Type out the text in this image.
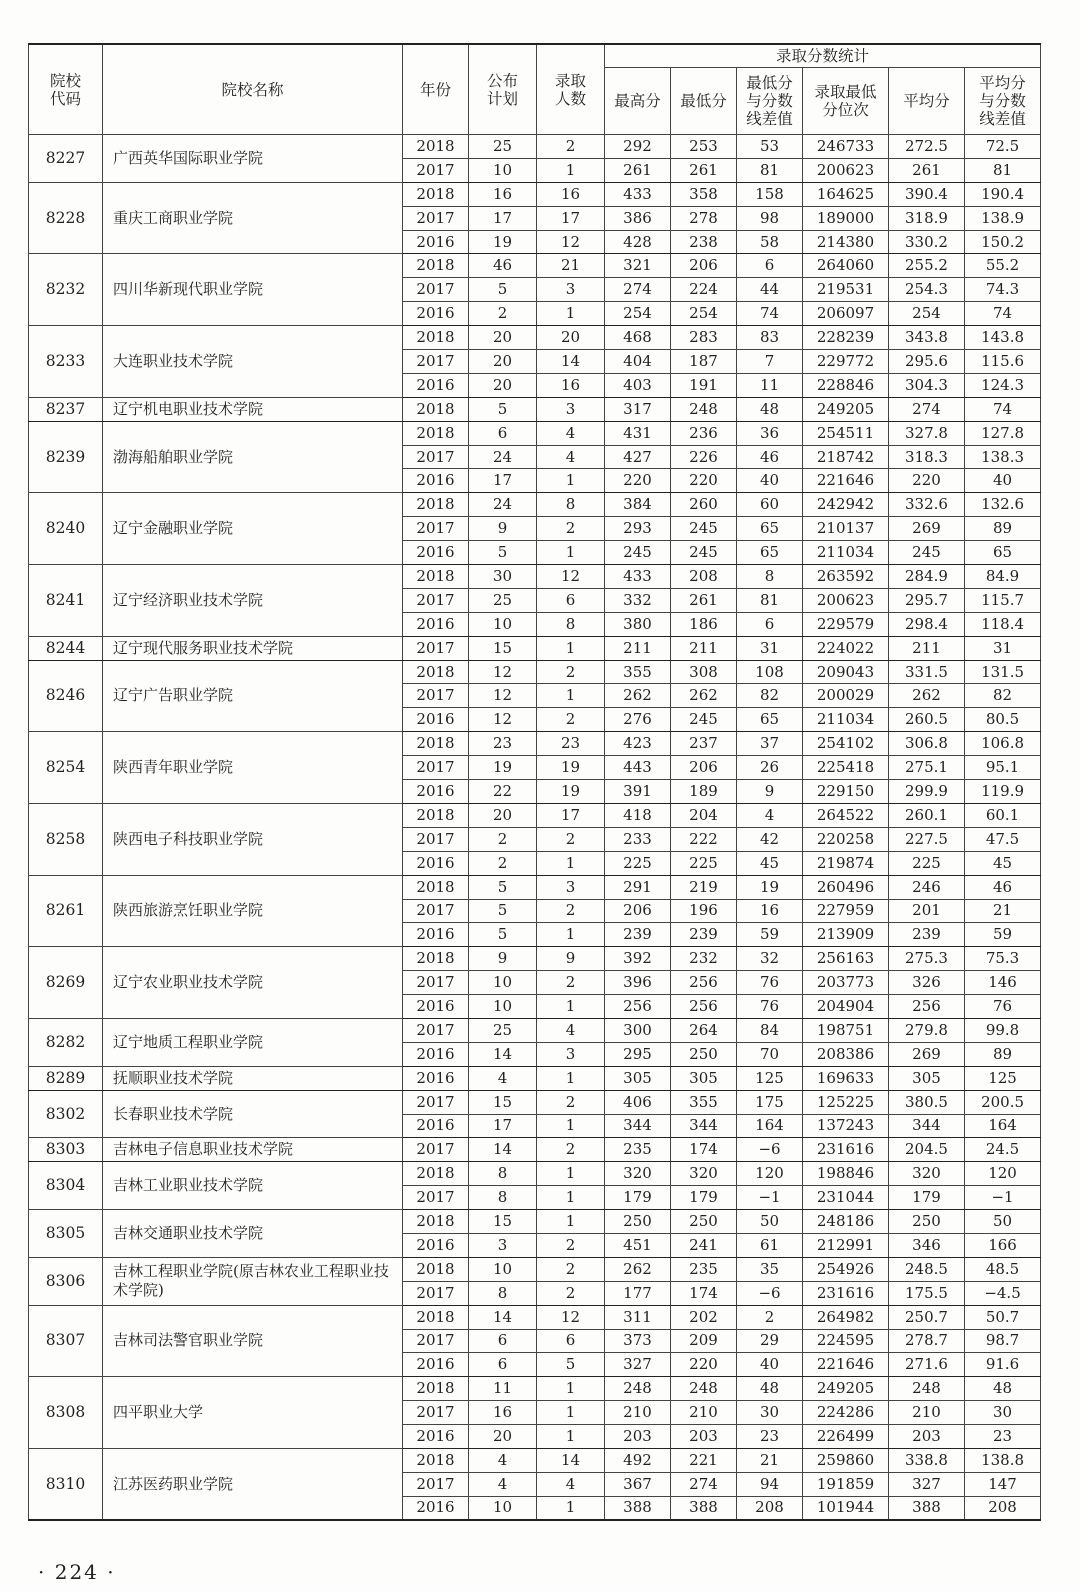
院校代码	院校名称	年份	公布计划	录取人数	录取分数统计					
					最高分	最低分	最低分与分数线差值	录取最低分位次	平均分	平均分与分数线差值
8227	广西英华国际职业学院	2018	25	2	292	253	53	246733	272.5	72.5
		2017	10	1	261	261	81	200623	261	81
8228	重庆工商职业学院	2018	16	16	433	358	158	164625	390.4	190.4
		2017	17	17	386	278	98	189000	318.9	138.9
		2016	19	12	428	238	58	214380	330.2	150.2
8232	四川华新现代职业学院	2018	46	21	321	206	6	264060	255.2	55.2
		2017	5	3	274	224	44	219531	254.3	74.3
		2016	2	1	254	254	74	206097	254	74
8233	大连职业技术学院	2018	20	20	468	283	83	228239	343.8	143.8
		2017	20	14	404	187	7	229772	295.6	115.6
		2016	20	16	403	191	11	228846	304.3	124.3
8237	辽宁机电职业技术学院	2018	5	3	317	248	48	249205	274	74
8239	渤海船舶职业学院	2018	6	4	431	236	36	254511	327.8	127.8
		2017	24	4	427	226	46	218742	318.3	138.3
		2016	17	1	220	220	40	221646	220	40
8240	辽宁金融职业学院	2018	24	8	384	260	60	242942	332.6	132.6
		2017	9	2	293	245	65	210137	269	89
		2016	5	1	245	245	65	211034	245	65
8241	辽宁经济职业技术学院	2018	30	12	433	208	8	263592	284.9	84.9
		2017	25	6	332	261	81	200623	295.7	115.7
		2016	10	8	380	186	6	229579	298.4	118.4
8244	辽宁现代服务职业技术学院	2017	15	1	211	211	31	224022	211	31
8246	辽宁广告职业学院	2018	12	2	355	308	108	209043	331.5	131.5
		2017	12	1	262	262	82	200029	262	82
		2016	12	2	276	245	65	211034	260.5	80.5
8254	陕西青年职业学院	2018	23	23	423	237	37	254102	306.8	106.8
		2017	19	19	443	206	26	225418	275.1	95.1
		2016	22	19	391	189	9	229150	299.9	119.9
8258	陕西电子科技职业学院	2018	20	17	418	204	4	264522	260.1	60.1
		2017	2	2	233	222	42	220258	227.5	47.5
		2016	2	1	225	225	45	219874	225	45
8261	陕西旅游烹饪职业学院	2018	5	3	291	219	19	260496	246	46
		2017	5	2	206	196	16	227959	201	21
		2016	5	1	239	239	59	213909	239	59
8269	辽宁农业职业技术学院	2018	9	9	392	232	32	256163	275.3	75.3
		2017	10	2	396	256	76	203773	326	146
		2016	10	1	256	256	76	204904	256	76
8282	辽宁地质工程职业学院	2017	25	4	300	264	84	198751	279.8	99.8
		2016	14	3	295	250	70	208386	269	89
8289	抚顺职业技术学院	2016	4	1	305	305	125	169633	305	125
8302	长春职业技术学院	2017	15	2	406	355	175	125225	380.5	200.5
		2016	17	1	344	344	164	137243	344	164
8303	吉林电子信息职业技术学院	2017	14	2	235	174	−6	231616	204.5	24.5
8304	吉林工业职业技术学院	2018	8	1	320	320	120	198846	320	120
		2017	8	1	179	179	−1	231044	179	−1
8305	吉林交通职业技术学院	2018	15	1	250	250	50	248186	250	50
		2016	3	2	451	241	61	212991	346	166
8306	吉林工程职业学院(原吉林农业工程职业技术学院)	2018	10	2	262	235	35	254926	248.5	48.5
		2017	8	2	177	174	−6	231616	175.5	−4.5
8307	吉林司法警官职业学院	2018	14	12	311	202	2	264982	250.7	50.7
		2017	6	6	373	209	29	224595	278.7	98.7
		2016	6	5	327	220	40	221646	271.6	91.6
8308	四平职业大学	2018	11	1	248	248	48	249205	248	48
		2017	16	1	210	210	30	224286	210	30
		2016	20	1	203	203	23	226499	203	23
8310	江苏医药职业学院	2018	4	14	492	221	21	259860	338.8	138.8
		2017	4	4	367	274	94	191859	327	147
		2016	10	1	388	388	208	101944	388	208
· 224 ·
